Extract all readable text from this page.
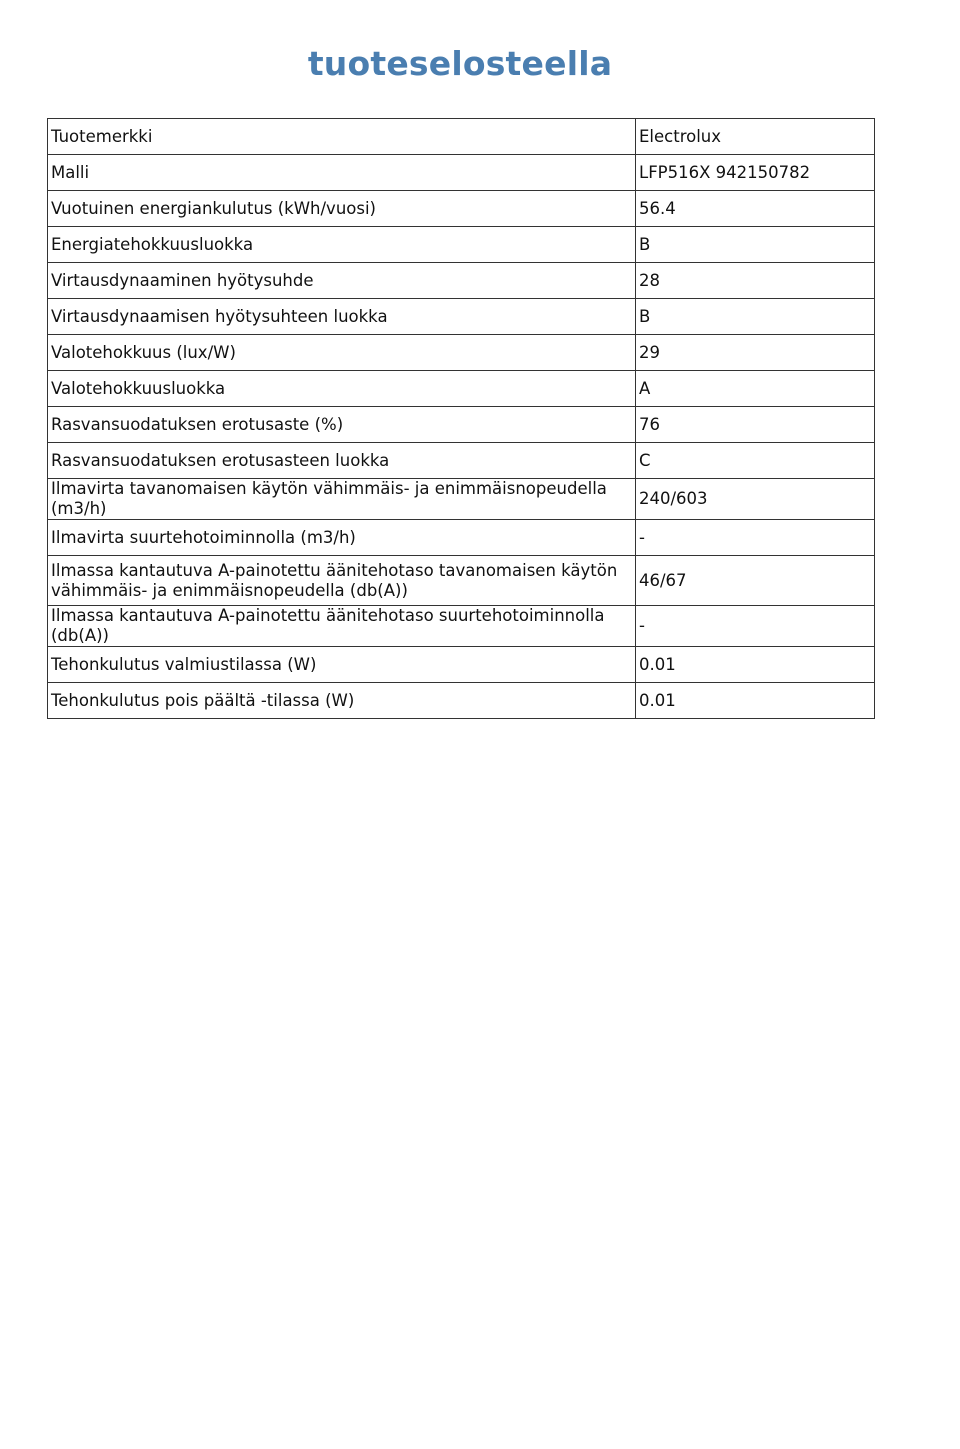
tuoteselosteella
Tuotemerkki	Electrolux
Malli	LFP516X 942150782
Vuotuinen energiankulutus (kWh/vuosi)	56.4
Energiatehokkuusluokka	B
Virtausdynaaminen hyötysuhde	28
Virtausdynaamisen hyötysuhteen luokka	B
Valotehokkuus (lux/W)	29
Valotehokkuusluokka	A
Rasvansuodatuksen erotusaste (%)	76
Rasvansuodatuksen erotusasteen luokka	C
Ilmavirta tavanomaisen käytön vähimmäis- ja enimmäisnopeudella (m3/h)	240/603
Ilmavirta suurtehotoiminnolla (m3/h)	-
Ilmassa kantautuva A-painotettu äänitehotaso tavanomaisen käytön vähimmäis- ja enimmäisnopeudella (db(A))	46/67
Ilmassa kantautuva A-painotettu äänitehotaso suurtehotoiminnolla (db(A))	-
Tehonkulutus valmiustilassa (W)	0.01
Tehonkulutus pois päältä -tilassa (W)	0.01
